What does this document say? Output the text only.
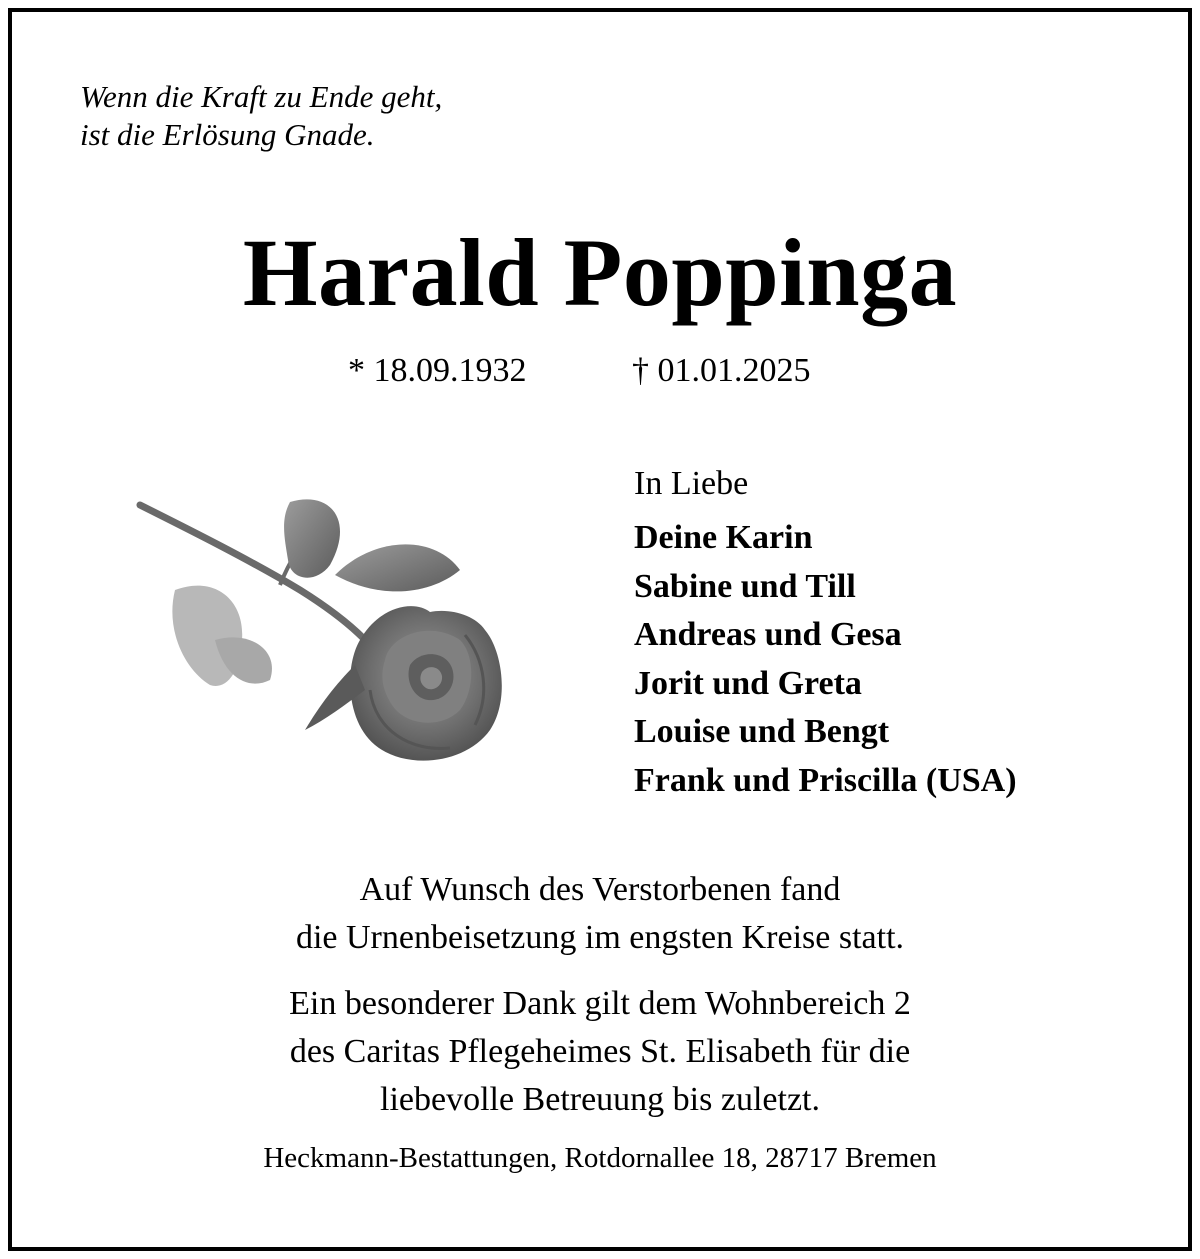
Wenn die Kraft zu Ende geht,
ist die Erlösung Gnade.
Harald Poppinga
* 18.09.1932	† 01.01.2025
In Liebe
Deine Karin
Sabine und Till
Andreas und Gesa
Jorit und Greta
Louise und Bengt
Frank und Priscilla (USA)
Auf Wunsch des Verstorbenen fand
die Urnenbeisetzung im engsten Kreise statt.
Ein besonderer Dank gilt dem Wohnbereich 2
des Caritas Pflegeheimes St. Elisabeth für die
liebevolle Betreuung bis zuletzt.
Heckmann-Bestattungen, Rotdornallee 18, 28717 Bremen
